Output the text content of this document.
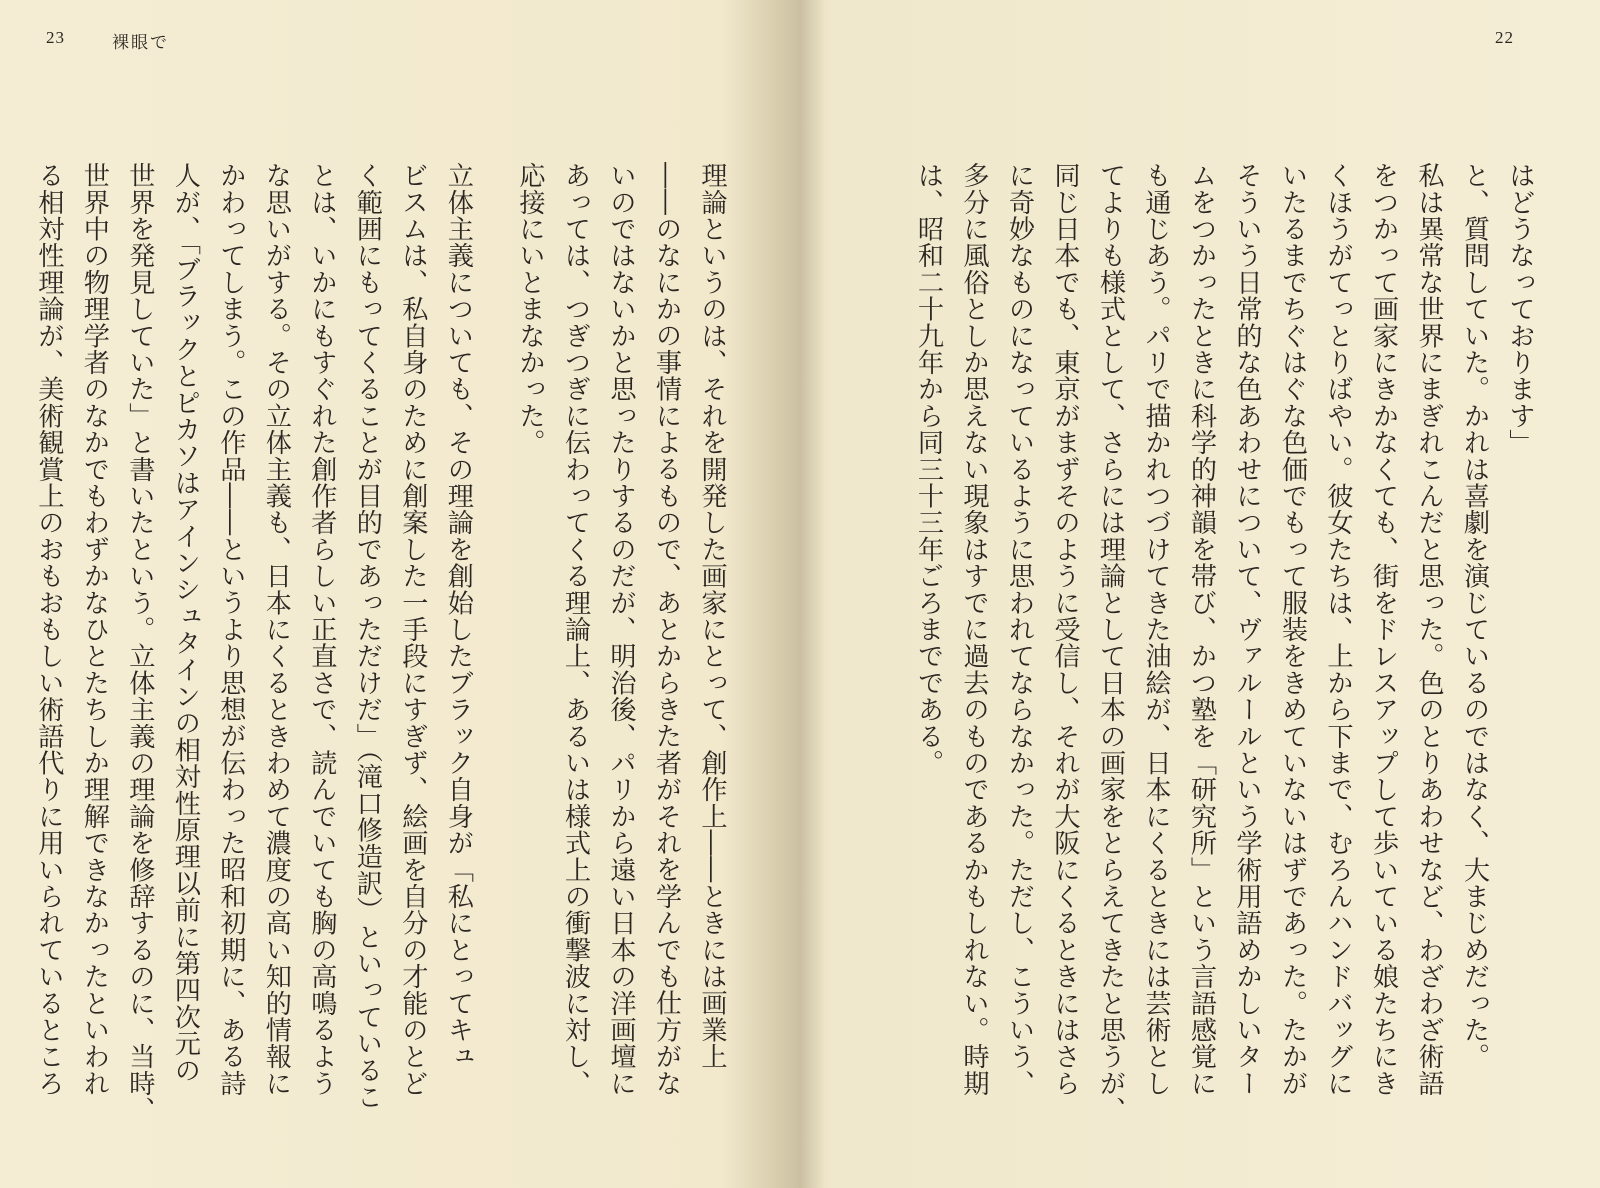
23	裸眼で
理論というのは、それを開発した画家にとって、創作上――ときには画業上
――のなにかの事情によるもので、あとからきた者がそれを学んでも仕方がな
いのではないかと思ったりするのだが、明治後、パリから遠い日本の洋画壇に
あっては、つぎつぎに伝わってくる理論上、あるいは様式上の衝撃波に対し、
応接にいとまなかった。
立体主義についても、その理論を創始したブラック自身が「私にとってキュ
ビスムは、私自身のために創案した一手段にすぎず、絵画を自分の才能のとど
く範囲にもってくることが目的であっただけだ」（滝口修造訳）といっているこ
とは、いかにもすぐれた創作者らしい正直さで、読んでいても胸の高鳴るよう
な思いがする。その立体主義も、日本にくるときわめて濃度の高い知的情報に
かわってしまう。この作品――というより思想が伝わった昭和初期に、ある詩
人が、「ブラックとピカソはアインシュタインの相対性原理以前に第四次元の
世界を発見していた」と書いたという。立体主義の理論を修辞するのに、当時、
世界中の物理学者のなかでもわずかなひとたちしか理解できなかったといわれ
る相対性理論が、美術観賞上のおもおもしい術語代りに用いられているところ
22
はどうなっております」
と、質問していた。かれは喜劇を演じているのではなく、大まじめだった。
私は異常な世界にまぎれこんだと思った。色のとりあわせなど、わざわざ術語
をつかって画家にきかなくても、街をドレスアップして歩いている娘たちにき
くほうがてっとりばやい。彼女たちは、上から下まで、むろんハンドバッグに
いたるまでちぐはぐな色価でもって服装をきめていないはずであった。たかが
そういう日常的な色あわせについて、ヴァルールという学術用語めかしいター
ムをつかったときに科学的神韻を帯び、かつ塾を「研究所」という言語感覚に
も通じあう。パリで描かれつづけてきた油絵が、日本にくるときには芸術とし
てよりも様式として、さらには理論として日本の画家をとらえてきたと思うが、
同じ日本でも、東京がまずそのように受信し、それが大阪にくるときにはさら
に奇妙なものになっているように思われてならなかった。ただし、こういう、
多分に風俗としか思えない現象はすでに過去のものであるかもしれない。時期
は、昭和二十九年から同三十三年ごろまでである。
